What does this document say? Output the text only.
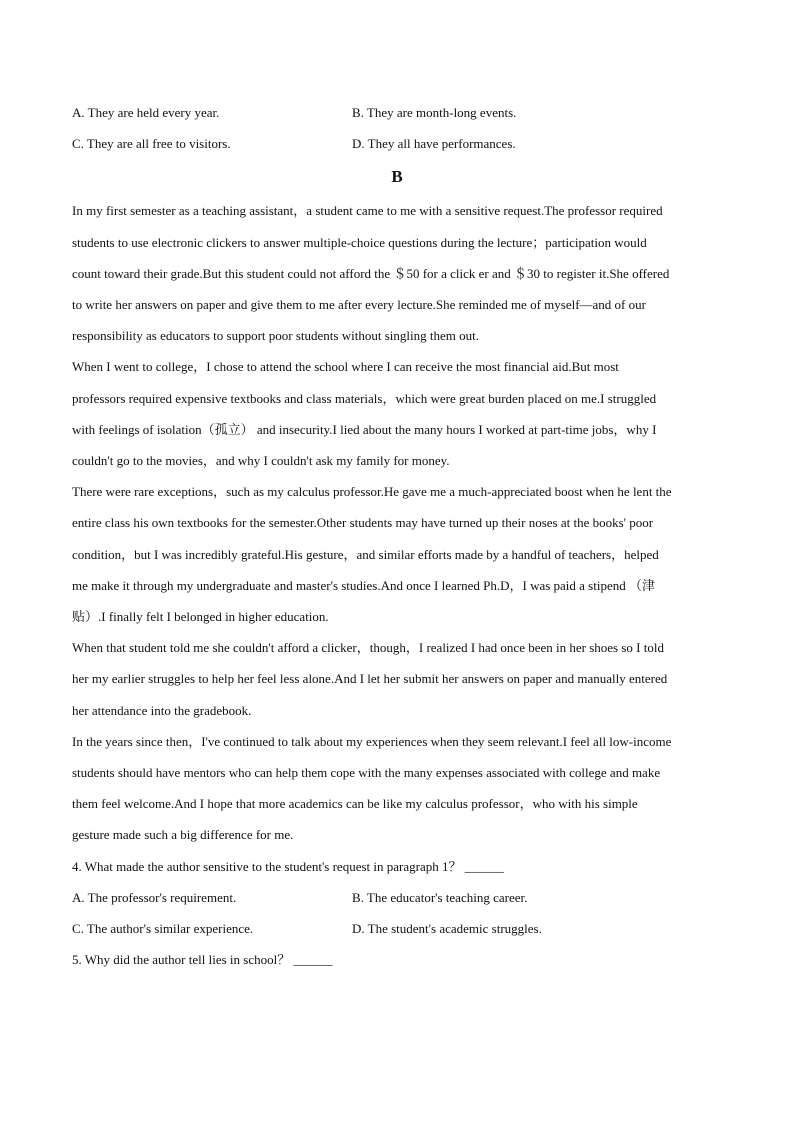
A. They are held every year.	B. They are month-long events.
C. They are all free to visitors.	D. They all have performances.
B
In my first semester as a teaching assistant，a student came to me with a sensitive request.The professor required
students to use electronic clickers to answer multiple-choice questions during the lecture；participation would
count toward their grade.But this student could not afford the ＄50 for a click er and ＄30 to register it.She offered
to write her answers on paper and give them to me after every lecture.She reminded me of myself—and of our
responsibility as educators to support poor students without singling them out.
When I went to college，I chose to attend the school where I can receive the most financial aid.But most
professors required expensive textbooks and class materials，which were great burden placed on me.I struggled
with feelings of isolation（孤立） and insecurity.I lied about the many hours I worked at part-time jobs，why I
couldn't go to the movies，and why I couldn't ask my family for money.
There were rare exceptions，such as my calculus professor.He gave me a much-appreciated boost when he lent the
entire class his own textbooks for the semester.Other students may have turned up their noses at the books' poor
condition，but I was incredibly grateful.His gesture，and similar efforts made by a handful of teachers，helped
me make it through my undergraduate and master's studies.And once I learned Ph.D，I was paid a stipend （津
贴）.I finally felt I belonged in higher education.
When that student told me she couldn't afford a clicker，though，I realized I had once been in her shoes so I told
her my earlier struggles to help her feel less alone.And I let her submit her answers on paper and manually entered
her attendance into the gradebook.
In the years since then，I've continued to talk about my experiences when they seem relevant.I feel all low-income
students should have mentors who can help them cope with the many expenses associated with college and make
them feel welcome.And I hope that more academics can be like my calculus professor，who with his simple
gesture made such a big difference for me.
4. What made the author sensitive to the student's request in paragraph 1？ ______
A. The professor's requirement.	B. The educator's teaching career.
C. The author's similar experience.	D. The student's academic struggles.
5. Why did the author tell lies in school？ ______
